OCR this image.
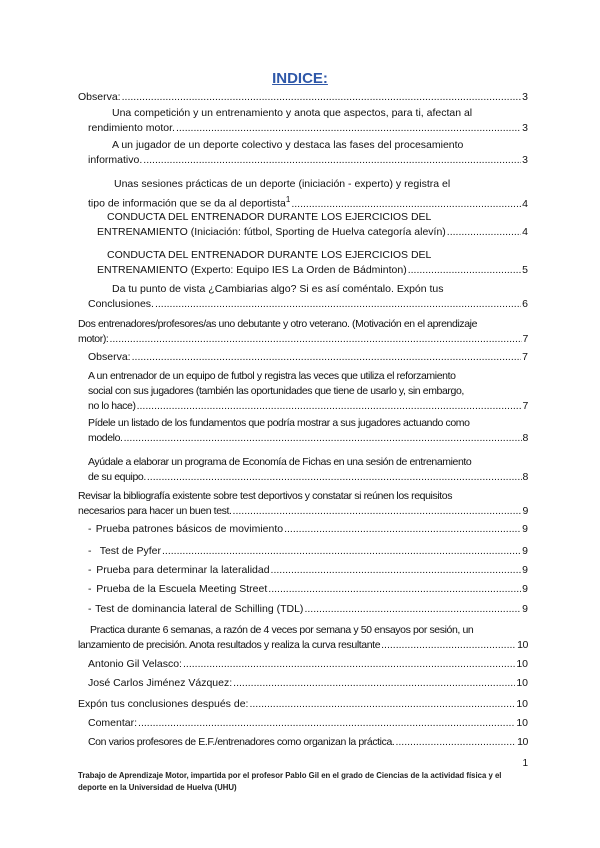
INDICE:
Observa: .....	3
Una competición y un entrenamiento y anota que aspectos, para ti, afectan al
rendimiento motor. .....	3
A un jugador de un deporte colectivo y destaca las fases del procesamiento
informativo. .....	3
Unas sesiones prácticas de un deporte (iniciación - experto) y registra el
tipo de información que se da al deportista$^1$ .....	4
CONDUCTA DEL ENTRENADOR DURANTE LOS EJERCICIOS DEL
ENTRENAMIENTO (Iniciación: fútbol, Sporting de Huelva categoría alevín) .....	4
CONDUCTA DEL ENTRENADOR DURANTE LOS EJERCICIOS DEL
ENTRENAMIENTO (Experto: Equipo IES La Orden de Bádminton) .....	5
Da tu punto de vista ¿Cambiarias algo? Si es así coméntalo. Expón tus
Conclusiones. .....	6
Dos entrenadores/profesores/as uno debutante y otro veterano. (Motivación en el aprendizaje
motor): .....	7
Observa: .....	7
A un entrenador de un equipo de futbol y registra las veces que utiliza el reforzamiento
social con sus jugadores (también las oportunidades que tiene de usarlo y, sin embargo,
no lo hace) .....	7
Pídele un listado de los fundamentos que podría mostrar a sus jugadores actuando como
modelo. .....	8
Ayúdale a elaborar un programa de Economía de Fichas en una sesión de entrenamiento
de su equipo. .....	8
Revisar la bibliografía existente sobre test deportivos y constatar si reúnen los requisitos
necesarios para hacer un buen test. .....	9
- Prueba patrones básicos de movimiento .....	9
- Test de Pyfer .....	9
- Prueba para determinar la lateralidad .....	9
- Prueba de la Escuela Meeting Street .....	9
- Test de dominancia lateral de Schilling (TDL) .....	9
Practica durante 6 semanas, a razón de 4 veces por semana y 50 ensayos por sesión, un
lanzamiento de precisión. Anota resultados y realiza la curva resultante .....	10
Antonio Gil Velasco: .....	10
José Carlos Jiménez Vázquez: .....	10
Expón tus conclusiones después de: .....	10
Comentar: .....	10
Con varios profesores de E.F./entrenadores como organizan la práctica. .....	10
1
Trabajo de Aprendizaje Motor, impartida por el profesor Pablo Gil en el grado de Ciencias de la actividad física y el deporte en la Universidad de Huelva (UHU)
